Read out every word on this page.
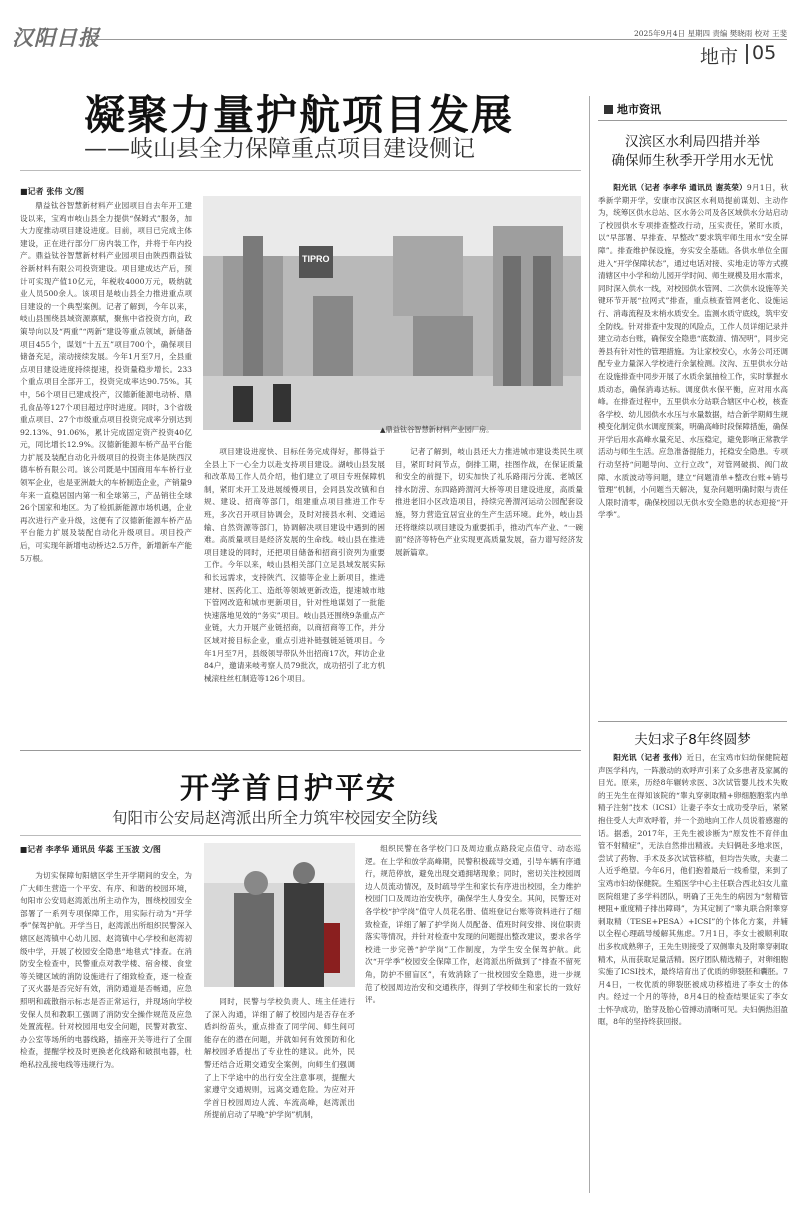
汉阳日报	2025年9月4日 星期四 责编 樊晓雨 校对 王斐
地市 05
凝聚力量护航项目发展
——岐山县全力保障重点项目建设侧记
■记者 张伟 文/图

鼎益钛谷智慧新材料产业园项目自去年开工建设以来，宝鸡市岐山县全力提供“保姆式”服务，加大力度推动项目建设进度。目前，项目已完成主体建设，正在进行部分厂房内装工作，并将于年内投产。鼎益钛谷智慧新材料产业园项目由陕西鼎益钛谷新材料有限公司投资建设。项目建成达产后，预计可实现产值10亿元，年税收4000万元，吸纳就业人员500余人。该项目是岐山县全力推进重点项目建设的一个典型案例。记者了解到，今年以来，岐山县围绕县域资源禀赋，聚焦中省投资方向，政策导向以及“两重”“两新”建设等重点领域，新储备项目455个，谋划“十五五”项目700个，确保项目储备充足，滚动接续发展。今年1月至7月，全县重点项目建设进度持续提速，投资量稳步增长。233个重点项目全部开工，投资完成率达90.75%。其中，56个项目已建成投产，汉德新能源电动桥、鼎孔食品等127个项目超过序时进度。同时，3个省级重点项目、27个市级重点项目投资完成率分别达到92.13%、91.06%，累计完成固定资产投资40亿元，同比增长12.9%。汉德新能源车桥产品平台能力扩展及装配自动化升级项目的投资主体是陕西汉德车桥有限公司。该公司既是中国商用车车桥行业领军企业，也是亚洲最大的车桥制造企业，产销量9年来一直稳居国内第一和全球第三，产品销往全球26个国家和地区。为了检抓新能源市场机遇，企业再次进行产业升级，这便有了汉德新能源车桥产品平台能力扩展及装配自动化升级项目。项目投产后，可实现年新增电动桥达2.5万件，新增新车产能5万根。

TIPRO
▲鼎益钛谷智慧新材料产业园厂房。

项目建设进度快、目标任务完成得好，都得益于全县上下一心全力以赴支持项目建设。湖岐山县发展和改革局工作人员介绍，他们建立了项目专班保障机制，紧盯未开工及进展缓慢项目，会同县发改镇和自规、建设、招商等部门，组建重点项目推进工作专班，多次召开项目协调会，及时对接县水利、交通运输、自然资源等部门，协调解决项目建设中遇到的困难。高质量项目是经济发展的生命线。岐山县在推进项目建设的同时，还把项目储备和招商引资列为重要工作。今年以来，岐山县相关部门立足县域发展实际和长远需求，支持陕汽、汉德等企业上新项目，推进建材、医药化工、造纸等领域更新改造，提速城市地下管网改造和城市更新项目，针对性地谋划了一批能快速落地见效的“务实”项目。岐山县还围绕9条重点产业链，大力开展产业链招商，以商招商等工作，并分区域对接目标企业，重点引进补链强链延链项目。今年1月至7月，县级领导带队外出招商17次，拜访企业84户，邀请来岐考察人员79批次，成功招引了北方机械滚柱丝杠制造等126个项目。

记者了解到，岐山县还大力推进城市建设类民生项目，紧盯时间节点，倒排工期，挂图作战，在保证质量和安全的前提下，切实加快了礼乐路雨污分流、老城区排水防涝、东四路跨渭河大桥等项目建设进度，高质量推进老旧小区改造项目，持续完善渭河运动公园配套设施，努力营造宜居宜业的生产生活环境。此外，岐山县还将继续以项目建设为重要抓手，推动汽车产业、“一碗面”经济等特色产业实现更高质量发展，奋力谱写经济发展新篇章。

开学首日护平安
旬阳市公安局赵湾派出所全力筑牢校园安全防线
■记者 李孝华 通讯员 华蕊 王玉波 文/图

为切实保障旬阳辖区学生开学期间的安全，为广大师生营造一个平安、有序、和谐的校园环境，旬阳市公安局赵湾派出所主动作为，围绕校园安全部署了一系列专项保障工作，用实际行动为“开学季”保驾护航。开学当日，赵湾派出所组织民警深入辖区赵湾镇中心幼儿园、赵湾镇中心学校和赵湾初级中学，开展了校园安全隐患“地毯式”排查。在消防安全检查中，民警重点对教学楼、宿舍楼、食堂等关键区域的消防设施进行了细致检查，逐一检查了灭火器是否完好有效，消防通道是否畅通，应急照明和疏散指示标志是否正常运行，并现场向学校安保人员和教职工强调了消防安全操作规范及应急处置流程。针对校园用电安全问题，民警对教室、办公室等场所的电器线路，插座开关等进行了全面检查，提醒学校及时更换老化线路和破损电器，杜绝私拉乱接电线等违规行为。

同时，民警与学校负责人、班主任进行了深入沟通，详细了解了校园内是否存在矛盾纠纷苗头，重点排查了同学间、师生间可能存在的潜在问题，并就如何有效预防和化解校园矛盾提出了专业性的建议。此外，民警还结合近期交通安全案例，向师生们强调了上下学途中的出行安全注意事项，提醒大家遵守交通规则，远离交通危险。为应对开学首日校园周边人流、车流高峰，赵湾派出所提前启动了早晚“护学岗”机制，

组织民警在各学校门口及周边重点路段定点值守、动态巡逻。在上学和放学高峰期，民警积极疏导交通，引导车辆有序通行，规范停放，避免出现交通拥堵现象；同时，密切关注校园周边人员流动情况，及时疏导学生和家长有序进出校园，全力维护校园门口及周边治安秩序，确保学生人身安全。其间，民警还对各学校“护学岗”值守人员花名册、值班登记台账等资料进行了细致检查，详细了解了护学岗人员配备、值班时间安排、岗位职责落实等情况，并针对检查中发现的问题提出整改建议，要求各学校进一步完善“护学岗”工作制度，为学生安全保驾护航。此次“开学季”校园安全保障工作，赵湾派出所做到了“排查不留死角，防护不留盲区”，有效消除了一批校园安全隐患，进一步规范了校园周边治安和交通秩序，得到了学校师生和家长的一致好评。

地市资讯
汉滨区水利局四措并举
确保师生秋季开学用水无忧

阳光讯（记者 李孝华 通讯员 谢英荣）9月1日，秋季新学期开学，安康市汉滨区水利局提前谋划、主动作为，统筹区供水总站、区水务公司及各区域供水分站启动了校园供水专项排查整改行动，压实责任，紧盯水质，以“早部署、早排查、早整改”要求筑牢师生用水“安全屏障”。排查维护保设施，夯实安全基础。各供水单位全面进入“开学保障状态”，通过电话对接、实地走访等方式摸清辖区中小学和幼儿园开学时间、师生规模及用水需求，同时深入供水一线，对校园供水管网、二次供水设施等关键环节开展“拉网式”排查，重点核查管网老化、设施运行、消毒流程及末梢水质安全。监测水质守底线，筑牢安全防线。针对排查中发现的风险点，工作人员详细记录并建立动态台账，确保安全隐患“底数清、情况明”，同步完善县有针对性的管理措施。为让家校安心，水务公司还调配专业力量深入学校进行余氯检测。汶沟、五里供水分站在设施排查中同步开展了水质余氯抽检工作，实时掌握水质动态，确保消毒达标。调度供水保平衡，应对用水高峰。在排查过程中，五里供水分站联合辖区中心校，核查各学校、幼儿园供水水压与水量数据，结合新学期师生规模变化制定供水调度预案，明确高峰时段保障措施，确保开学后用水高峰水量充足、水压稳定，避免影响正常教学活动与师生生活。应急准备提能力，托稳安全隐患。专项行动坚持“问题导向、立行立改”，对管网破损、阀门故障、水质波动等问题，建立“问题清单+整改台账+销号管理”机制，小问题当天解决，复杂问题明确时限与责任人限时清零，确保校园以无供水安全隐患的状态迎接“开学季”。

夫妇求子8年终圆梦

阳光讯（记者 张伟）近日，在宝鸡市妇幼保健院超声医学科内，一阵激动的欢呼声引来了众多患者及家属的目光。原来，历经8年辗转求医、3次试管婴儿技术失败的王先生在得知该院的“睾丸穿刺取精+卵细胞胞浆内单精子注射”技术（ICSI）让妻子李女士成功受孕后，紧紧抱住受人大声欢呼着，并一个劲地向工作人员说着感谢的话。据悉，2017年，王先生被诊断为“原发性不育伴血管不射精症”，无法自然排出精液。夫妇俩赴多地求医，尝试了药物、手术及多次试管移植，但均告失败，夫妻二人近乎绝望。今年6月，他们抱着最后一线希望，来到了宝鸡市妇幼保健院。生殖医学中心主任联合西北妇女儿童医院组建了多学科团队，明确了王先生的病因为“射精管梗阻+重度精子排出障碍”，为其定制了“睾丸联合附睾穿刺取精（TESE+PESA）+ICSI”的个体化方案，并辅以全程心理疏导缓解其焦虑。7月1日，李女士被顺利取出多枚成熟卵子，王先生则接受了双侧睾丸及附睾穿刺取精术，从而获取足量活精。医疗团队精选精子，对卵细胞实施了ICSI技术，最终培育出了优质的卵裂胚和囊胚。7月4日，一枚优质的卵裂胚被成功移植进了李女士的体内。经过一个月的等待，8月4日的检查结果证实了李女士怀孕成功，胎芽及胎心管搏动清晰可见。夫妇俩热泪盈眶，8年的坚持终获回报。
